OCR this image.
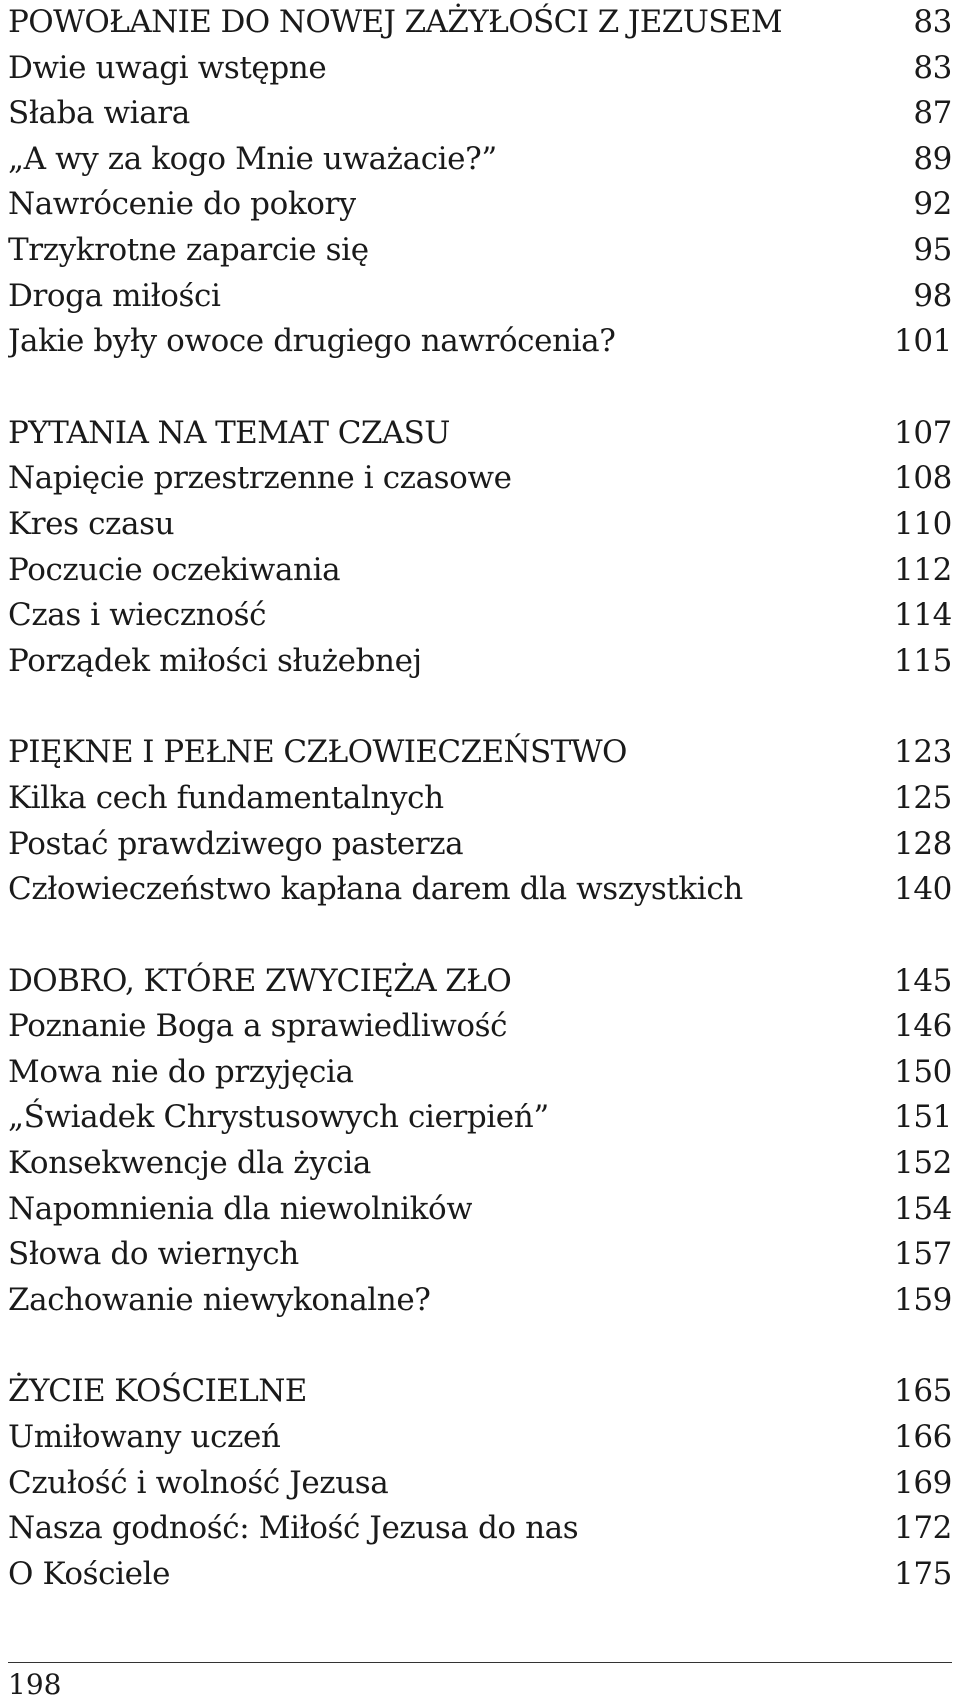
POWOŁANIE DO NOWEJ ZAŻYŁOŚCI Z JEZUSEM	83
Dwie uwagi wstępne	83
Słaba wiara	87
„A wy za kogo Mnie uważacie?”	89
Nawrócenie do pokory	92
Trzykrotne zaparcie się	95
Droga miłości	98
Jakie były owoce drugiego nawrócenia?	101
PYTANIA NA TEMAT CZASU	107
Napięcie przestrzenne i czasowe	108
Kres czasu	110
Poczucie oczekiwania	112
Czas i wieczność	114
Porządek miłości służebnej	115
PIĘKNE I PEŁNE CZŁOWIECZEŃSTWO	123
Kilka cech fundamentalnych	125
Postać prawdziwego pasterza	128
Człowieczeństwo kapłana darem dla wszystkich	140
DOBRO, KTÓRE ZWYCIĘŻA ZŁO	145
Poznanie Boga a sprawiedliwość	146
Mowa nie do przyjęcia	150
„Świadek Chrystusowych cierpień”	151
Konsekwencje dla życia	152
Napomnienia dla niewolników	154
Słowa do wiernych	157
Zachowanie niewykonalne?	159
ŻYCIE KOŚCIELNE	165
Umiłowany uczeń	166
Czułość i wolność Jezusa	169
Nasza godność: Miłość Jezusa do nas	172
O Kościele	175
198
